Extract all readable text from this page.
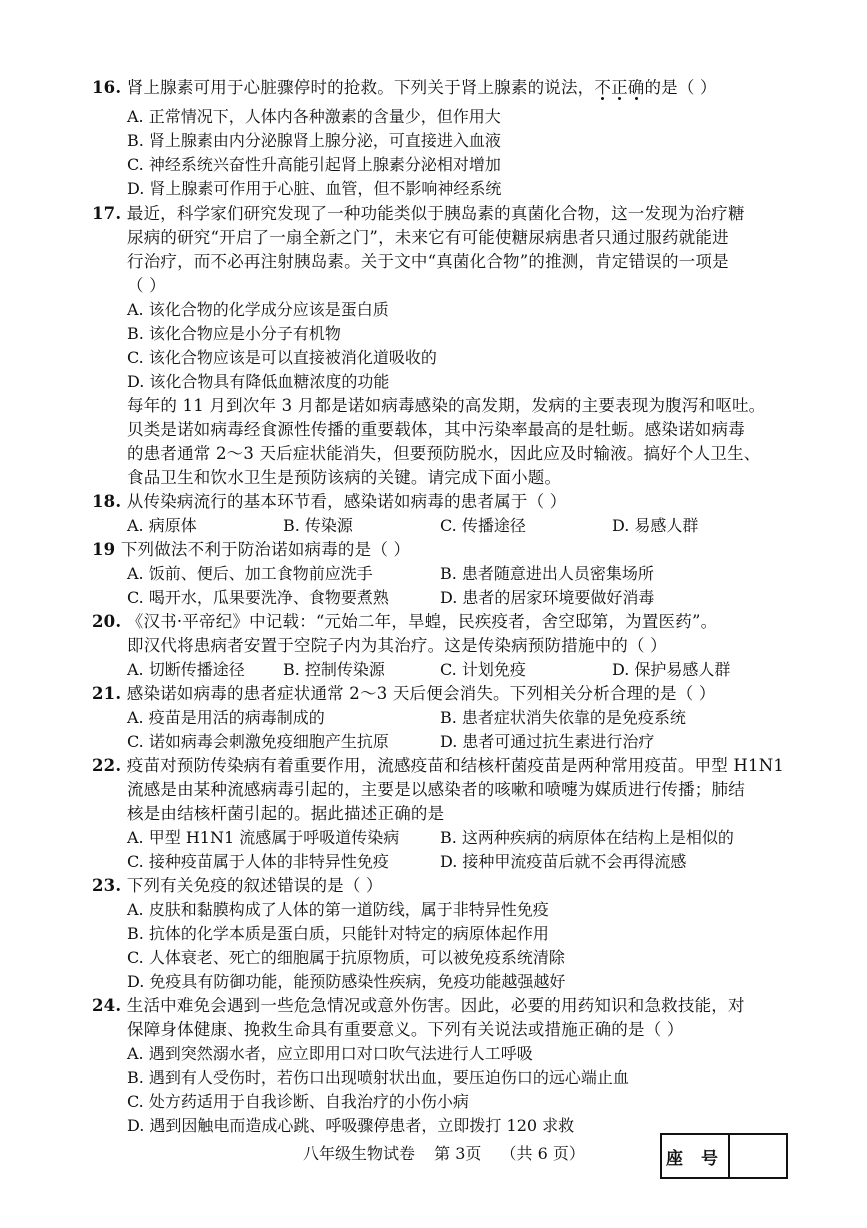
16. 肾上腺素可用于心脏骤停时的抢救。下列关于肾上腺素的说法，不正确的是（ ）
A. 正常情况下，人体内各种激素的含量少，但作用大
B. 肾上腺素由内分泌腺肾上腺分泌，可直接进入血液
C. 神经系统兴奋性升高能引起肾上腺素分泌相对增加
D. 肾上腺素可作用于心脏、血管，但不影响神经系统
17. 最近，科学家们研究发现了一种功能类似于胰岛素的真菌化合物，这一发现为治疗糖
尿病的研究“开启了一扇全新之门”，未来它有可能使糖尿病患者只通过服药就能进
行治疗，而不必再注射胰岛素。关于文中“真菌化合物”的推测，肯定错误的一项是
（ ）
A. 该化合物的化学成分应该是蛋白质
B. 该化合物应是小分子有机物
C. 该化合物应该是可以直接被消化道吸收的
D. 该化合物具有降低血糖浓度的功能
每年的 11 月到次年 3 月都是诺如病毒感染的高发期，发病的主要表现为腹泻和呕吐。
贝类是诺如病毒经食源性传播的重要载体，其中污染率最高的是牡蛎。感染诺如病毒
的患者通常 2～3 天后症状能消失，但要预防脱水，因此应及时输液。搞好个人卫生、
食品卫生和饮水卫生是预防该病的关键。请完成下面小题。
18. 从传染病流行的基本环节看，感染诺如病毒的患者属于（ ）
A. 病原体	B. 传染源	C. 传播途径	D. 易感人群
19 下列做法不利于防治诺如病毒的是（ ）
A. 饭前、便后、加工食物前应洗手	B. 患者随意进出人员密集场所
C. 喝开水，瓜果要洗净、食物要煮熟	D. 患者的居家环境要做好消毒
20. 《汉书·平帝纪》中记载：“元始二年，旱蝗，民疾疫者，舍空邸第，为置医药”。
即汉代将患病者安置于空院子内为其治疗。这是传染病预防措施中的（ ）
A. 切断传播途径 B. 控制传染源	C. 计划免疫	D. 保护易感人群
21. 感染诺如病毒的患者症状通常 2～3 天后便会消失。下列相关分析合理的是（ ）
A. 疫苗是用活的病毒制成的	B. 患者症状消失依靠的是免疫系统
C. 诺如病毒会刺激免疫细胞产生抗原	D. 患者可通过抗生素进行治疗
22. 疫苗对预防传染病有着重要作用，流感疫苗和结核杆菌疫苗是两种常用疫苗。甲型 H1N1
流感是由某种流感病毒引起的，主要是以感染者的咳嗽和喷嚏为媒质进行传播；肺结
核是由结核杆菌引起的。据此描述正确的是
A. 甲型 H1N1 流感属于呼吸道传染病	B. 这两种疾病的病原体在结构上是相似的
C. 接种疫苗属于人体的非特异性免疫	D. 接种甲流疫苗后就不会再得流感
23. 下列有关免疫的叙述错误的是（ ）
A. 皮肤和黏膜构成了人体的第一道防线，属于非特异性免疫
B. 抗体的化学本质是蛋白质，只能针对特定的病原体起作用
C. 人体衰老、死亡的细胞属于抗原物质，可以被免疫系统清除
D. 免疫具有防御功能，能预防感染性疾病，免疫功能越强越好
24. 生活中难免会遇到一些危急情况或意外伤害。因此，必要的用药知识和急救技能，对
保障身体健康、挽救生命具有重要意义。下列有关说法或措施正确的是（ ）
A. 遇到突然溺水者，应立即用口对口吹气法进行人工呼吸
B. 遇到有人受伤时，若伤口出现喷射状出血，要压迫伤口的远心端止血
C. 处方药适用于自我诊断、自我治疗的小伤小病
D. 遇到因触电而造成心跳、呼吸骤停患者，立即拨打 120 求救
八年级生物试卷 第 3页 （共 6 页）	座 号
